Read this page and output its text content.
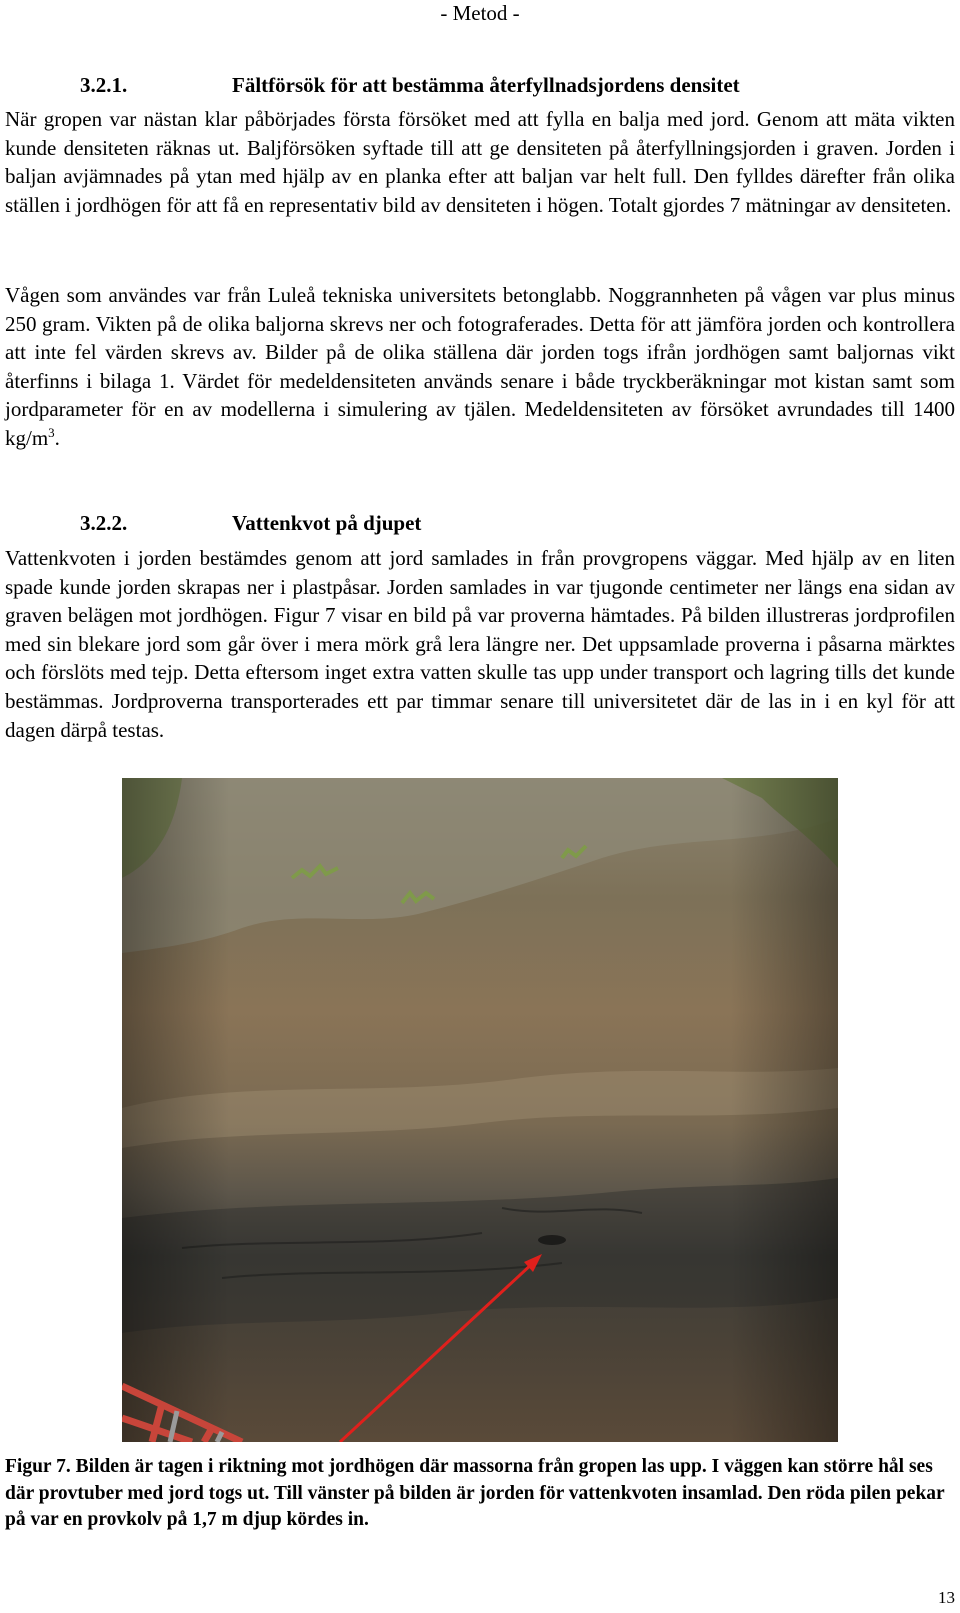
- Metod -
3.2.1.	Fältförsök för att bestämma återfyllnadsjordens densitet
När gropen var nästan klar påbörjades första försöket med att fylla en balja med jord. Genom att mäta vikten kunde densiteten räknas ut. Baljförsöken syftade till att ge densiteten på återfyllningsjorden i graven. Jorden i baljan avjämnades på ytan med hjälp av en planka efter att baljan var helt full. Den fylldes därefter från olika ställen i jordhögen för att få en representativ bild av densiteten i högen. Totalt gjordes 7 mätningar av densiteten.
Vågen som användes var från Luleå tekniska universitets betonglabb. Noggrannheten på vågen var plus minus 250 gram. Vikten på de olika baljorna skrevs ner och fotograferades. Detta för att jämföra jorden och kontrollera att inte fel värden skrevs av. Bilder på de olika ställena där jorden togs ifrån jordhögen samt baljornas vikt återfinns i bilaga 1. Värdet för medeldensiteten används senare i både tryckberäkningar mot kistan samt som jordparameter för en av modellerna i simulering av tjälen. Medeldensiteten av försöket avrundades till 1400 $kg/m^3$.
3.2.2.	Vattenkvot på djupet
Vattenkvoten i jorden bestämdes genom att jord samlades in från provgropens väggar. Med hjälp av en liten spade kunde jorden skrapas ner i plastpåsar. Jorden samlades in var tjugonde centimeter ner längs ena sidan av graven belägen mot jordhögen. Figur 7 visar en bild på var proverna hämtades. På bilden illustreras jordprofilen med sin blekare jord som går över i mera mörk grå lera längre ner. Det uppsamlade proverna i påsarna märktes och förslöts med tejp. Detta eftersom inget extra vatten skulle tas upp under transport och lagring tills det kunde bestämmas. Jordproverna transporterades ett par timmar senare till universitetet där de las in i en kyl för att dagen därpå testas.
Figur 7. Bilden är tagen i riktning mot jordhögen där massorna från gropen las upp. I väggen kan större hål ses där provtuber med jord togs ut. Till vänster på bilden är jorden för vattenkvoten insamlad. Den röda pilen pekar på var en provkolv på 1,7 m djup kördes in.
13
